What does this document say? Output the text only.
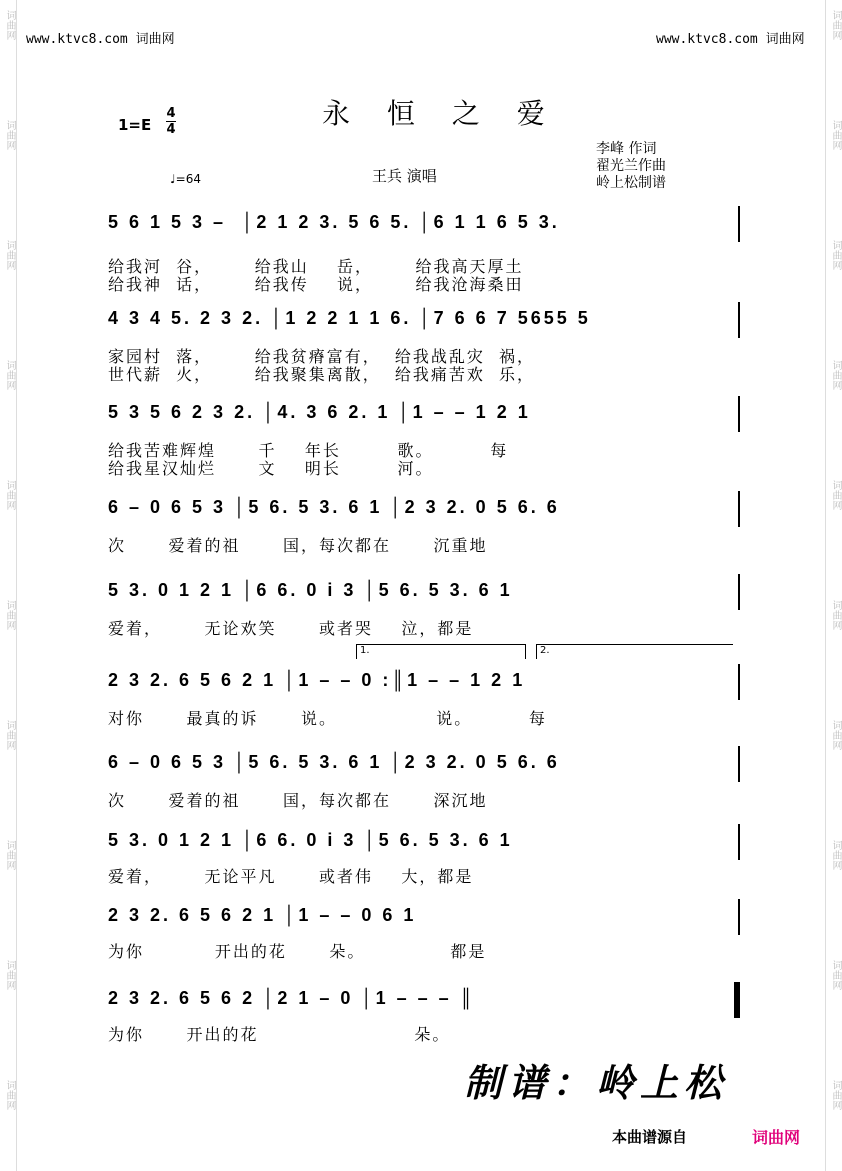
词曲网
词曲网
词曲网
词曲网
词曲网
词曲网
词曲网
词曲网
词曲网
词曲网
词曲网
词曲网
词曲网
词曲网
词曲网
词曲网
词曲网
词曲网
词曲网
词曲网
www.ktvc8.com 词曲网	www.ktvc8.com 词曲网
永 恒 之 爱
1=E
4
4
李峰 作词
翟光兰作曲
岭上松制谱
王兵 演唱
♩=64
5 6 1 5 3 –  │2 1 2 3. 5 6 5. │6 1 1 6 5 3.
给我河  谷，      给我山    岳，      给我高天厚土
给我神  话，      给我传    说，      给我沧海桑田
4 3 4 5. 2 3 2. │1 2 2 1 1 6. │7 6 6 7 5655 5
家园村  落，      给我贫瘠富有，  给我战乱灾  祸，
世代薪  火，      给我聚集离散，  给我痛苦欢  乐，
5 3 5 6 2 3 2. │4. 3 6 2. 1 │1 – – 1 2 1
给我苦难辉煌      千    年长        歌。        每
给我星汉灿烂      文    明长        河。
6 – 0 6 5 3 │5 6. 5 3. 6 1 │2 3 2. 0 5 6. 6
次      爱着的祖      国，每次都在      沉重地
5 3. 0 1 2 1 │6 6. 0 i 3 │5 6. 5 3. 6 1
爱着，      无论欢笑      或者哭    泣，都是
2 3 2. 6 5 6 2 1 │1 – – 0 :║1 – – 1 2 1
对你      最真的诉      说。              说。        每
6 – 0 6 5 3 │5 6. 5 3. 6 1 │2 3 2. 0 5 6. 6
次      爱着的祖      国，每次都在      深沉地
5 3. 0 1 2 1 │6 6. 0 i 3 │5 6. 5 3. 6 1
爱着，      无论平凡      或者伟    大，都是
2 3 2. 6 5 6 2 1 │1 – – 0 6 1
为你          开出的花      朵。            都是
2 3 2. 6 5 6 2 │2 1 – 0 │1 – – – ║
为你      开出的花                      朵。
1.	2.
制谱：岭上松
本曲谱源自	词曲网
